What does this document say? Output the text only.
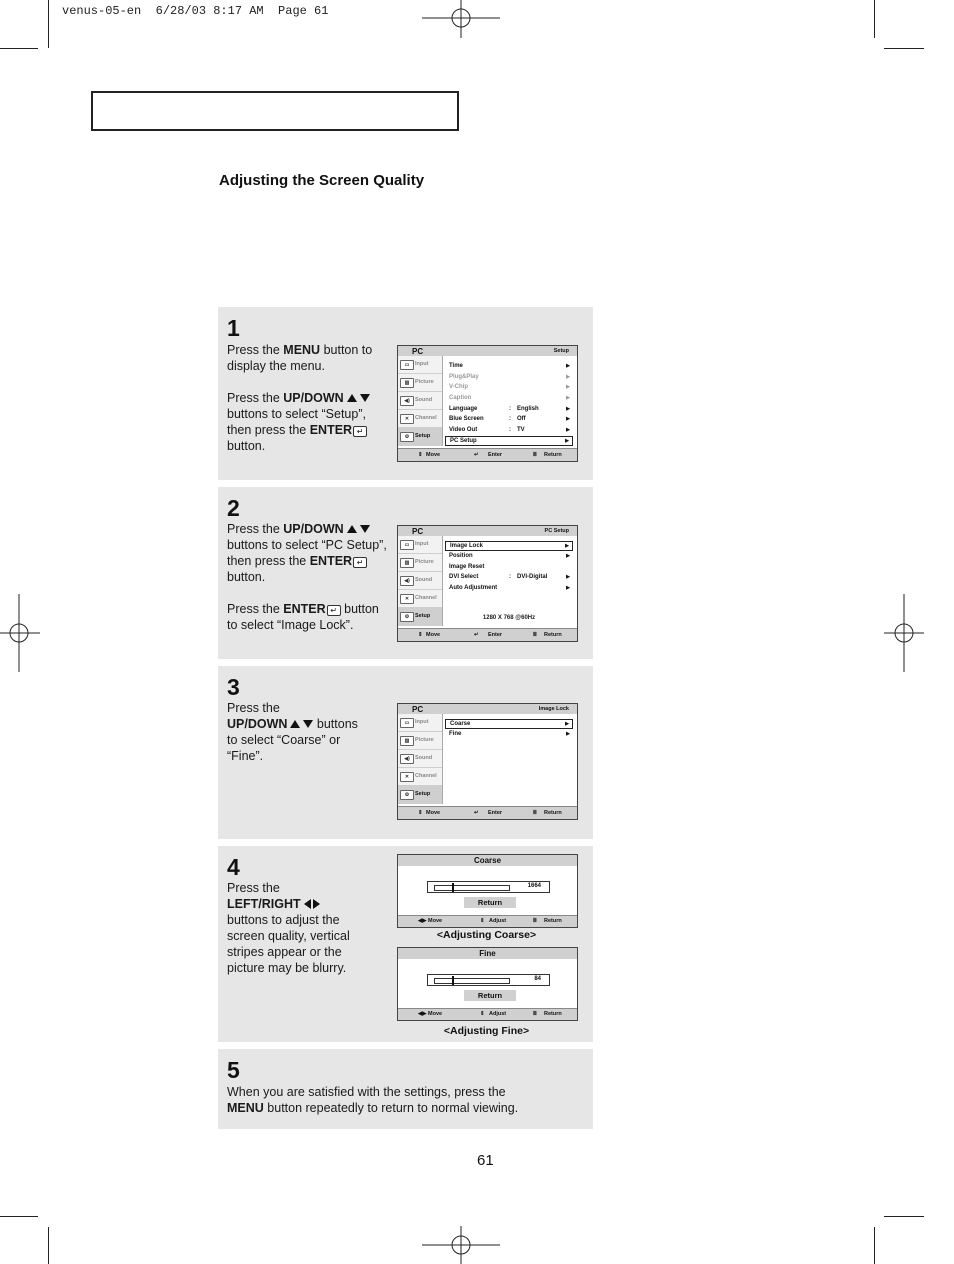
venus-05-en  6/28/03 8:17 AM  Page 61
Adjusting the Screen Quality
1

Press the MENU button to
display the menu.

Press the UP/DOWN
buttons to select “Setup”,
then press the ENTER ↵
button.

PC	Setup
▭	Input
▥	Picture
◀) Sound
✕	Channel
⚙	Setup
Time	▶
Plug&Play	▶
V-Chip	▶
Caption	▶
Language	: English	▶
Blue Screen	: Off	▶
Video Out	: TV	▶
PC Setup	▶
⇕ Move	↵ Enter	Ⅲ Return
2

Press the UP/DOWN
buttons to select “PC Setup”,
then press the ENTER ↵
button.

Press the ENTER ↵ button
to select “Image Lock”.

PC	PC Setup
▭	Input
▥	Picture
◀) Sound
✕	Channel
⚙	Setup
Image Lock	▶
Position	▶
Image Reset
DVI Select	: DVI-Digital	▶
Auto Adjustment	▶
1280 X 768 @60Hz
⇕ Move	↵ Enter	Ⅲ Return
3

Press the
UP/DOWN buttons
to select “Coarse” or
“Fine”.

PC	Image Lock
▭	Input
▥	Picture
◀) Sound
✕	Channel
⚙	Setup
Coarse	▶
Fine	▶
⇕ Move	↵ Enter	Ⅲ Return
4

Press the
LEFT/RIGHT
buttons to adjust the
screen quality, vertical
stripes appear or the
picture may be blurry.

Coarse
1664
Return
◀▶ Move	⇕ Adjust	Ⅲ Return
<Adjusting Coarse>
Fine
84
Return
◀▶ Move	⇕ Adjust	Ⅲ Return
<Adjusting Fine>
5

When you are satisfied with the settings, press the
MENU button repeatedly to return to normal viewing.

61
